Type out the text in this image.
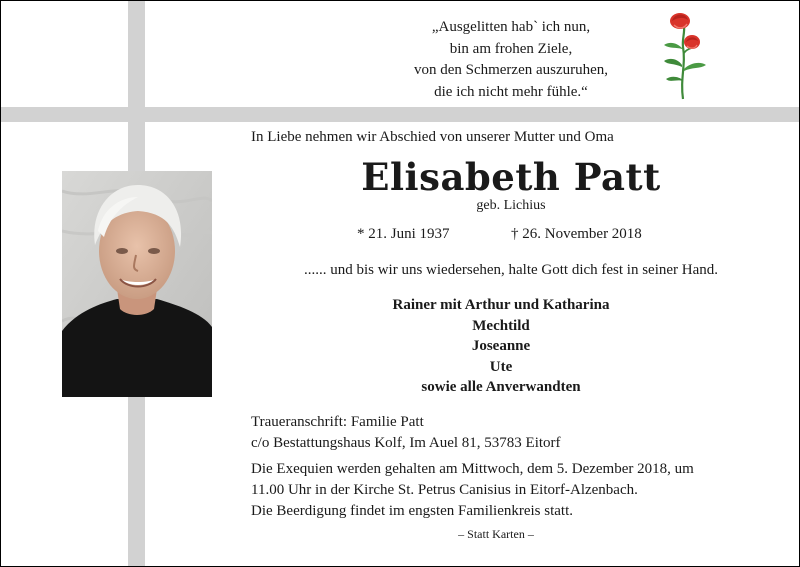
„Ausgelitten hab` ich nun,
bin am frohen Ziele,
von den Schmerzen auszuruhen,
die ich nicht mehr fühle.“
In Liebe nehmen wir Abschied von unserer Mutter und Oma
Elisabeth Patt
geb. Lichius
* 21. Juni 1937	† 26. November 2018
...... und bis wir uns wiedersehen, halte Gott dich fest in seiner Hand.
Rainer mit Arthur und Katharina
Mechtild
Joseanne
Ute
sowie alle Anverwandten
Traueranschrift: Familie Patt
c/o Bestattungshaus Kolf, Im Auel 81, 53783 Eitorf
Die Exequien werden gehalten am Mittwoch, dem 5. Dezember 2018, um
11.00 Uhr in der Kirche St. Petrus Canisius in Eitorf-Alzenbach.
Die Beerdigung findet im engsten Familienkreis statt.
– Statt Karten –
